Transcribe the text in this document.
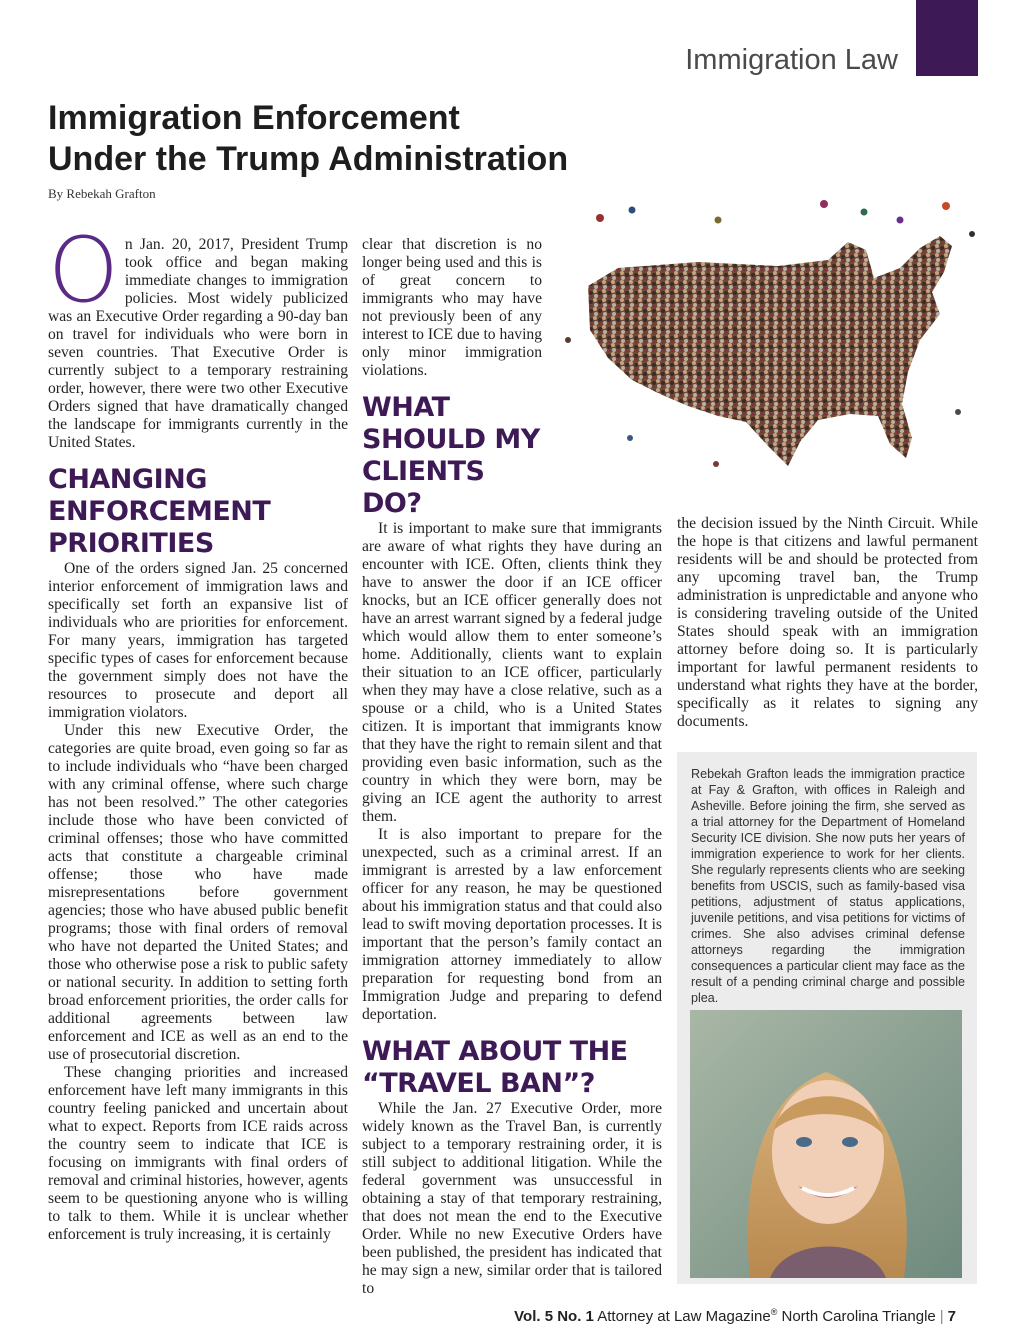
Immigration Law
Immigration Enforcement
Under the Trump Administration
By Rebekah Grafton

On Jan. 20, 2017, President Trump took office and began making immediate changes to immigration policies. Most widely publicized was an Executive Order regarding a 90-day ban on travel for individuals who were born in seven countries. That Executive Order is currently subject to a temporary restraining order, however, there were two other Executive Orders signed that have dramatically changed the landscape for immigrants currently in the United States.

CHANGING ENFORCEMENT PRIORITIES

One of the orders signed Jan. 25 concerned interior enforcement of immigration laws and specifically set forth an expansive list of individuals who are priorities for enforcement. For many years, immigration has targeted specific types of cases for enforcement because the government simply does not have the resources to prosecute and deport all immigration violators.

Under this new Executive Order, the categories are quite broad, even going so far as to include individuals who “have been charged with any criminal offense, where such charge has not been resolved.” The other categories include those who have been convicted of criminal offenses; those who have committed acts that constitute a chargeable criminal offense; those who have made misrepresentations before government agencies; those who have abused public benefit programs; those with final orders of removal who have not departed the United States; and those who otherwise pose a risk to public safety or national security. In addition to setting forth broad enforcement priorities, the order calls for additional agreements between law enforcement and ICE as well as an end to the use of prosecutorial discretion.

These changing priorities and increased enforcement have left many immigrants in this country feeling panicked and uncertain about what to expect. Reports from ICE raids across the country seem to indicate that ICE is focusing on immigrants with final orders of removal and criminal histories, however, agents seem to be questioning anyone who is willing to talk to them. While it is unclear whether enforcement is truly increasing, it is certainly

clear that discretion is no longer being used and this is of great concern to immigrants who may have not previously been of any interest to ICE due to having only minor immigration violations.

WHAT SHOULD MY CLIENTS DO?

It is important to make sure that immigrants are aware of what rights they have during an encounter with ICE. Often, clients think they have to answer the door if an ICE officer knocks, but an ICE officer generally does not have an arrest warrant signed by a federal judge which would allow them to enter someone’s home. Additionally, clients want to explain their situation to an ICE officer, particularly when they may have a close relative, such as a spouse or a child, who is a United States citizen. It is important that immigrants know that they have the right to remain silent and that providing even basic information, such as the country in which they were born, may be giving an ICE agent the authority to arrest them.

It is also important to prepare for the unexpected, such as a criminal arrest. If an immigrant is arrested by a law enforcement officer for any reason, he may be questioned about his immigration status and that could also lead to swift moving deportation processes. It is important that the person’s family contact an immigration attorney immediately to allow preparation for requesting bond from an Immigration Judge and preparing to defend deportation.

WHAT ABOUT THE “TRAVEL BAN”?

While the Jan. 27 Executive Order, more widely known as the Travel Ban, is currently subject to a temporary restraining order, it is still subject to additional litigation. While the federal government was unsuccessful in obtaining a stay of that temporary restraining, that does not mean the end to the Executive Order. While no new Executive Orders have been published, the president has indicated that he may sign a new, similar order that is tailored to

the decision issued by the Ninth Circuit. While the hope is that citizens and lawful permanent residents will be and should be protected from any upcoming travel ban, the Trump administration is unpredictable and anyone who is considering traveling outside of the United States should speak with an immigration attorney before doing so. It is particularly important for lawful permanent residents to understand what rights they have at the border, specifically as it relates to signing any documents.

Rebekah Grafton leads the immigration practice at Fay & Grafton, with offices in Raleigh and Asheville. Before joining the firm, she served as a trial attorney for the Department of Homeland Security ICE division. She now puts her years of immigration experience to work for her clients. She regularly represents clients who are seeking benefits from USCIS, such as family-based visa petitions, adjustment of status applications, juvenile petitions, and visa petitions for victims of crimes. She also advises criminal defense attorneys regarding the immigration consequences a particular client may face as the result of a pending criminal charge and possible plea.
Vol. 5 No. 1 Attorney at Law Magazine® North Carolina Triangle | 7
